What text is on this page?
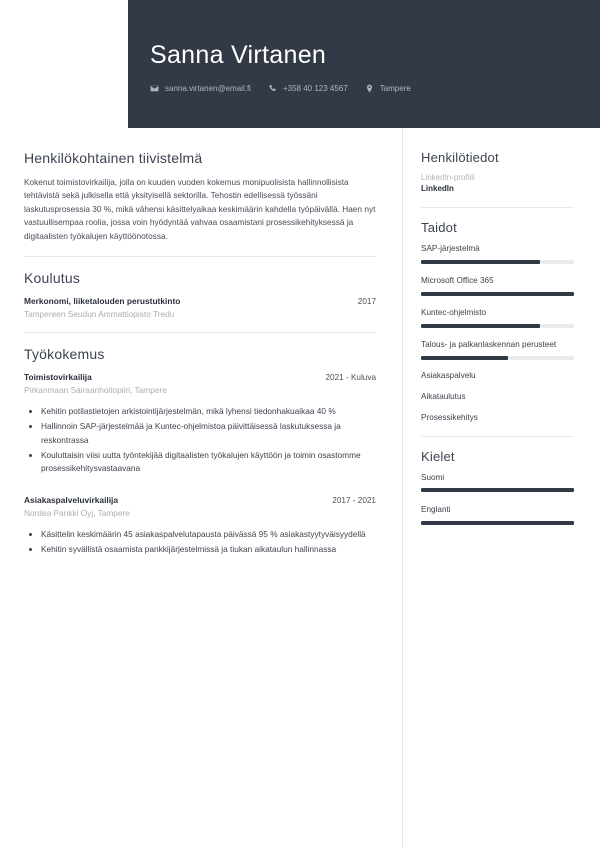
Sanna Virtanen
sanna.virtanen@email.fi	+358 40 123 4567	Tampere
Henkilökohtainen tiivistelmä

Kokenut toimistovirkailija, jolla on kuuden vuoden kokemus monipuolisista hallinnollisista tehtävistä sekä julkisella että yksityisellä sektorilla. Tehostin edellisessä työssäni laskutusprosessia 30 %, mikä vähensi käsittelyaikaa keskimäärin kahdella työpäivällä. Haen nyt vastuullisempaa roolia, jossa voin hyödyntää vahvaa osaamistani prosessikehityksessä ja digitaalisten työkalujen käyttöönotossa.

Koulutus
Merkonomi, liiketalouden perustutkinto	2017
Tampereen Seudun Ammattiopisto Tredu
Työkokemus
Toimistovirkailija	2021 - Kuluva
Pirkanmaan Sairaanhoitopiiri, Tampere
• Kehitin potilastietojen arkistointijärjestelmän, mikä lyhensi tiedonhakuaikaa 40 %
• Hallinnoin SAP-järjestelmää ja Kuntec-ohjelmistoa päivittäisessä laskutuksessa ja reskontrassa
• Kouluttaisin viisi uutta työntekijää digitaalisten työkalujen käyttöön ja toimin osastomme prosessikehitysvastaavana
Asiakaspalveluvirkailija	2017 - 2021
Nordea Pankki Oyj, Tampere
• Käsittelin keskimäärin 45 asiakaspalvelutapausta päivässä 95 % asiakastyytyväisyydellä
• Kehitin syvällistä osaamista pankkijärjestelmissä ja tiukan aikataulun hallinnassa
Henkilötiedot
LinkedIn-profiili
LinkedIn
Taidot
SAP-järjestelmä
Microsoft Office 365
Kuntec-ohjelmisto
Talous- ja palkanlaskennan perusteet
Asiakaspalvelu
Aikataulutus
Prosessikehitys
Kielet
Suomi
Englanti
